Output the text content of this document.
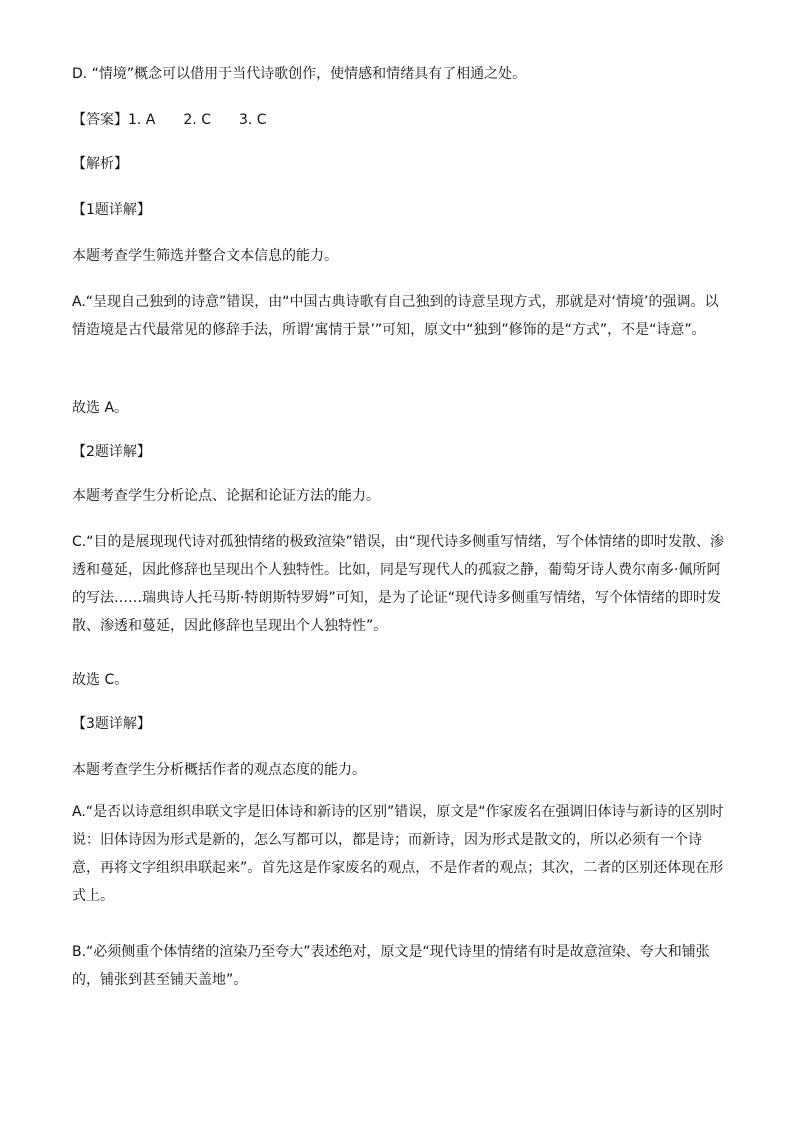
D. “情境”概念可以借用于当代诗歌创作，使情感和情绪具有了相通之处。

【答案】1. A　　2. C　　3. C

【解析】

【1题详解】

本题考查学生筛选并整合文本信息的能力。

A.“呈现自己独到的诗意”错误，由“中国古典诗歌有自己独到的诗意呈现方式，那就是对‘情境’的强调。以情造境是古代最常见的修辞手法，所谓‘寓情于景’”可知，原文中“独到”修饰的是“方式”，不是“诗意”。

故选 A。

【2题详解】

本题考查学生分析论点、论据和论证方法的能力。

C.“目的是展现现代诗对孤独情绪的极致渲染”错误，由“现代诗多侧重写情绪，写个体情绪的即时发散、渗透和蔓延，因此修辞也呈现出个人独特性。比如，同是写现代人的孤寂之静，葡萄牙诗人费尔南多·佩所阿的写法……瑞典诗人托马斯·特朗斯特罗姆”可知，是为了论证“现代诗多侧重写情绪，写个体情绪的即时发散、渗透和蔓延，因此修辞也呈现出个人独特性”。

故选 C。

【3题详解】

本题考查学生分析概括作者的观点态度的能力。

A.“是否以诗意组织串联文字是旧体诗和新诗的区别”错误，原文是“作家废名在强调旧体诗与新诗的区别时说：旧体诗因为形式是新的，怎么写都可以，都是诗；而新诗，因为形式是散文的，所以必须有一个诗意，再将文字组织串联起来”。首先这是作家废名的观点，不是作者的观点；其次，二者的区别还体现在形式上。

B.“必须侧重个体情绪的渲染乃至夸大”表述绝对，原文是“现代诗里的情绪有时是故意渲染、夸大和铺张的，铺张到甚至铺天盖地”。
